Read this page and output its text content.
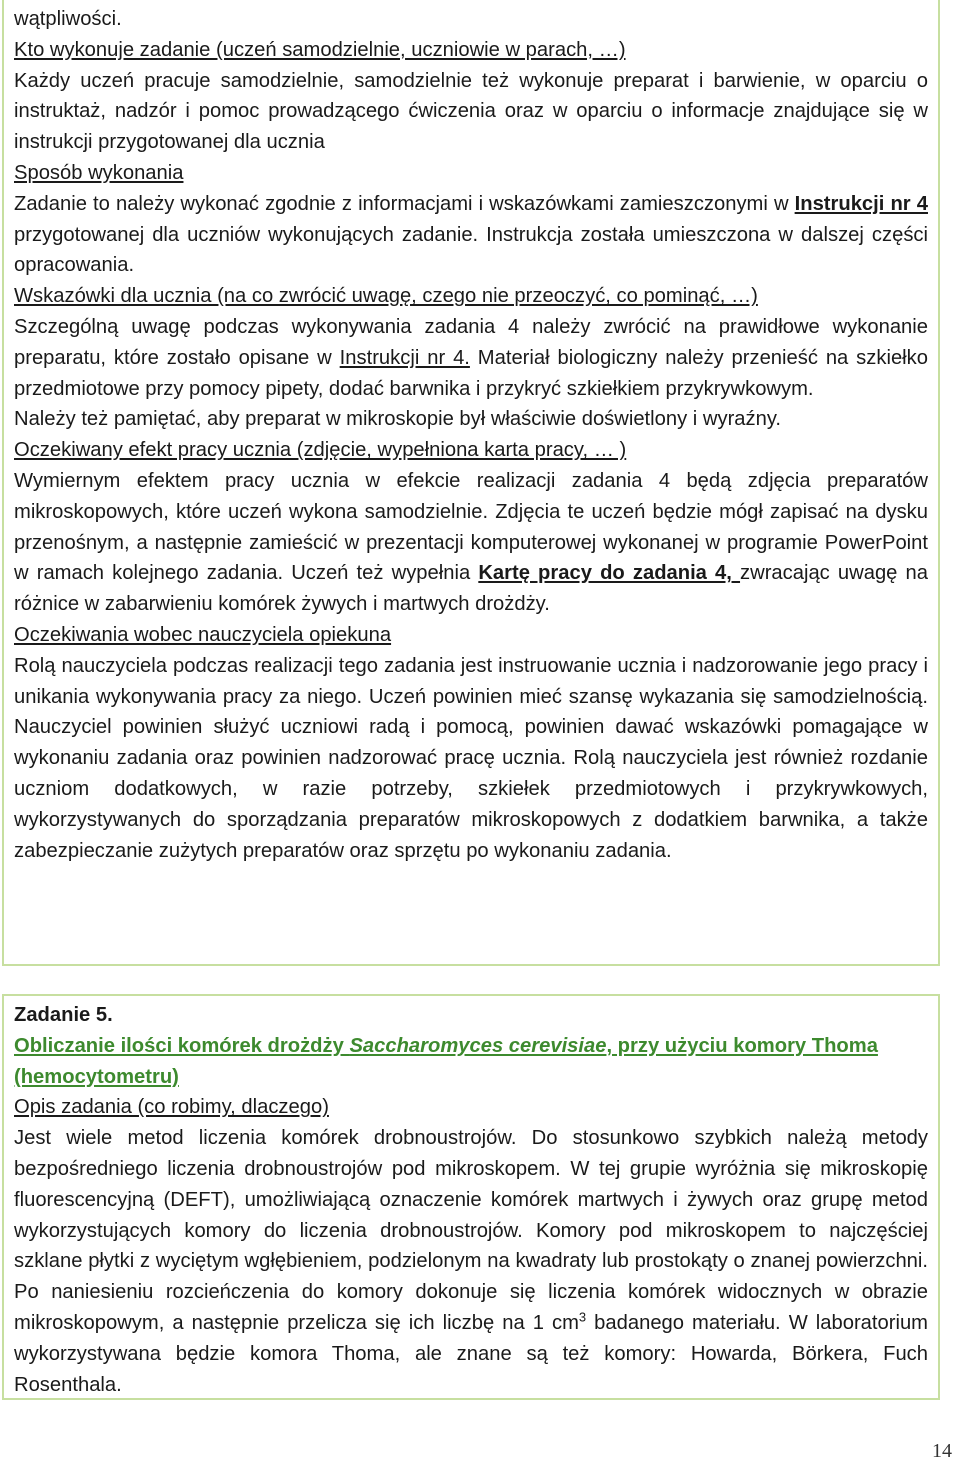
wątpliwości.

Kto wykonuje zadanie (uczeń samodzielnie, uczniowie w parach, …)

Każdy uczeń pracuje samodzielnie, samodzielnie też wykonuje preparat i barwienie, w oparciu o instruktaż, nadzór i pomoc prowadzącego ćwiczenia oraz w oparciu o informacje znajdujące się w instrukcji przygotowanej dla ucznia

Sposób wykonania

Zadanie to należy wykonać zgodnie z informacjami i wskazówkami zamieszczonymi w Instrukcji nr 4 przygotowanej dla uczniów wykonujących zadanie. Instrukcja została umieszczona w dalszej części opracowania.

Wskazówki dla ucznia (na co zwrócić uwagę, czego nie przeoczyć, co pominąć, …)

Szczególną uwagę podczas wykonywania zadania 4 należy zwrócić na prawidłowe wykonanie preparatu, które zostało opisane w Instrukcji nr 4. Materiał biologiczny należy przenieść na szkiełko przedmiotowe przy pomocy pipety, dodać barwnika i przykryć szkiełkiem przykrywkowym.

Należy też pamiętać, aby preparat w mikroskopie był właściwie doświetlony i wyraźny.

Oczekiwany efekt pracy ucznia (zdjęcie, wypełniona karta pracy, … )

Wymiernym efektem pracy ucznia w efekcie realizacji zadania 4 będą zdjęcia preparatów mikroskopowych, które uczeń wykona samodzielnie. Zdjęcia te uczeń będzie mógł zapisać na dysku przenośnym, a następnie zamieścić w prezentacji komputerowej wykonanej w programie PowerPoint w ramach kolejnego zadania. Uczeń też wypełnia Kartę pracy do zadania 4, zwracając uwagę na różnice w zabarwieniu komórek żywych i martwych drożdży.

Oczekiwania wobec nauczyciela opiekuna

Rolą nauczyciela podczas realizacji tego zadania jest instruowanie ucznia i nadzorowanie jego pracy i unikania wykonywania pracy za niego. Uczeń powinien mieć szansę wykazania się samodzielnością. Nauczyciel powinien służyć uczniowi radą i pomocą, powinien dawać wskazówki pomagające w wykonaniu zadania oraz powinien nadzorować pracę ucznia. Rolą nauczyciela jest również rozdanie uczniom dodatkowych, w razie potrzeby, szkiełek przedmiotowych i przykrywkowych, wykorzystywanych do sporządzania preparatów mikroskopowych z dodatkiem barwnika, a także zabezpieczanie zużytych preparatów oraz sprzętu po wykonaniu zadania.

Zadanie 5.

Obliczanie ilości komórek drożdży Saccharomyces cerevisiae, przy użyciu komory Thoma (hemocytometru)

Opis zadania (co robimy, dlaczego)

Jest wiele metod liczenia komórek drobnoustrojów. Do stosunkowo szybkich należą metody bezpośredniego liczenia drobnoustrojów pod mikroskopem. W tej grupie wyróżnia się mikroskopię fluorescencyjną (DEFT), umożliwiającą oznaczenie komórek martwych i żywych oraz grupę metod wykorzystujących komory do liczenia drobnoustrojów. Komory pod mikroskopem to najczęściej szklane płytki z wyciętym wgłębieniem, podzielonym na kwadraty lub prostokąty o znanej powierzchni. Po naniesieniu rozcieńczenia do komory dokonuje się liczenia komórek widocznych w obrazie mikroskopowym, a następnie przelicza się ich liczbę na 1 $cm^3$ badanego materiału. W laboratorium wykorzystywana będzie komora Thoma, ale znane są też komory: Howarda, Börkera, Fuch Rosenthala.

14
